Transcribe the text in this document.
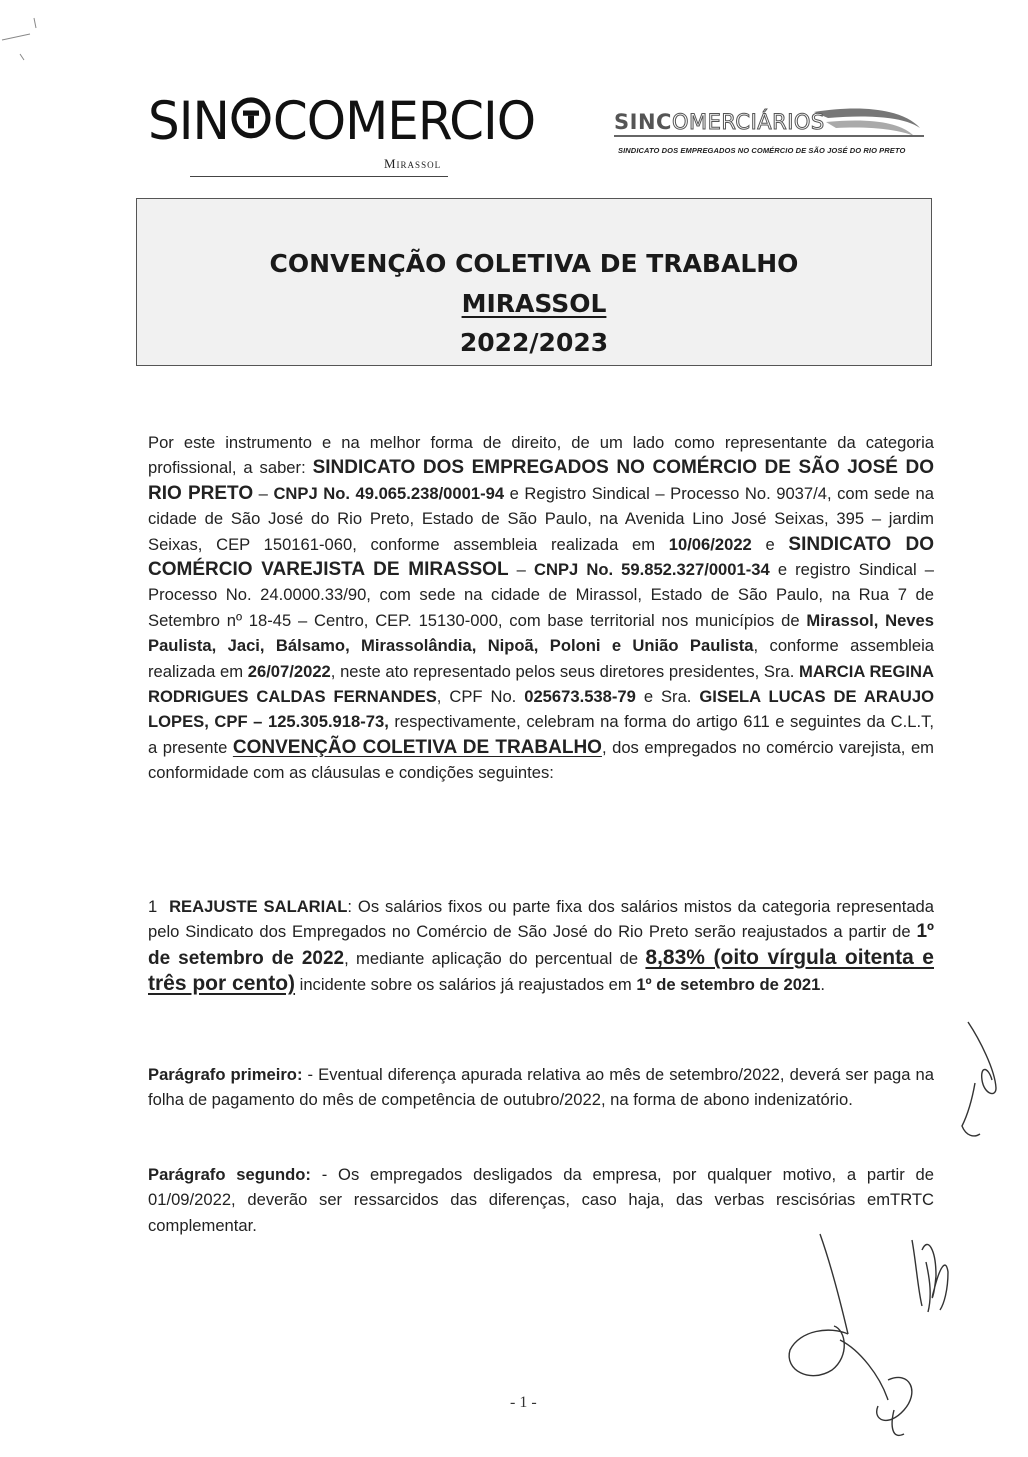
SIN COMERCIO
Mirassol
SINCOMERCIÁRIOS
SINDICATO DOS EMPREGADOS NO COMÉRCIO DE SÃO JOSÉ DO RIO PRETO
CONVENÇÃO COLETIVA DE TRABALHO
MIRASSOL
2022/2023
Por este instrumento e na melhor forma de direito, de um lado como representante da categoria profissional, a saber: SINDICATO DOS EMPREGADOS NO COMÉRCIO DE SÃO JOSÉ DO RIO PRETO – CNPJ No. 49.065.238/0001-94 e Registro Sindical – Processo No. 9037/4, com sede na cidade de São José do Rio Preto, Estado de São Paulo, na Avenida Lino José Seixas, 395 – jardim Seixas, CEP 150161-060, conforme assembleia realizada em 10/06/2022 e SINDICATO DO COMÉRCIO VAREJISTA DE MIRASSOL – CNPJ No. 59.852.327/0001-34 e registro Sindical – Processo No. 24.0000.33/90, com sede na cidade de Mirassol, Estado de São Paulo, na Rua 7 de Setembro nº 18-45 – Centro, CEP. 15130-000, com base territorial nos municípios de Mirassol, Neves Paulista, Jaci, Bálsamo, Mirassolândia, Nipoã, Poloni e União Paulista, conforme assembleia realizada em 26/07/2022, neste ato representado pelos seus diretores presidentes, Sra. MARCIA REGINA RODRIGUES CALDAS FERNANDES, CPF No. 025673.538-79 e Sra. GISELA LUCAS DE ARAUJO LOPES, CPF – 125.305.918-73, respectivamente, celebram na forma do artigo 611 e seguintes da C.L.T, a presente CONVENÇÃO COLETIVA DE TRABALHO, dos empregados no comércio varejista, em conformidade com as cláusulas e condições seguintes:
1 REAJUSTE SALARIAL: Os salários fixos ou parte fixa dos salários mistos da categoria representada pelo Sindicato dos Empregados no Comércio de São José do Rio Preto serão reajustados a partir de 1º de setembro de 2022, mediante aplicação do percentual de 8,83% (oito vírgula oitenta e três por cento) incidente sobre os salários já reajustados em 1º de setembro de 2021.
Parágrafo primeiro: - Eventual diferença apurada relativa ao mês de setembro/2022, deverá ser paga na folha de pagamento do mês de competência de outubro/2022, na forma de abono indenizatório.
Parágrafo segundo: - Os empregados desligados da empresa, por qualquer motivo, a partir de 01/09/2022, deverão ser ressarcidos das diferenças, caso haja, das verbas rescisórias emTRTC complementar.
- 1 -
